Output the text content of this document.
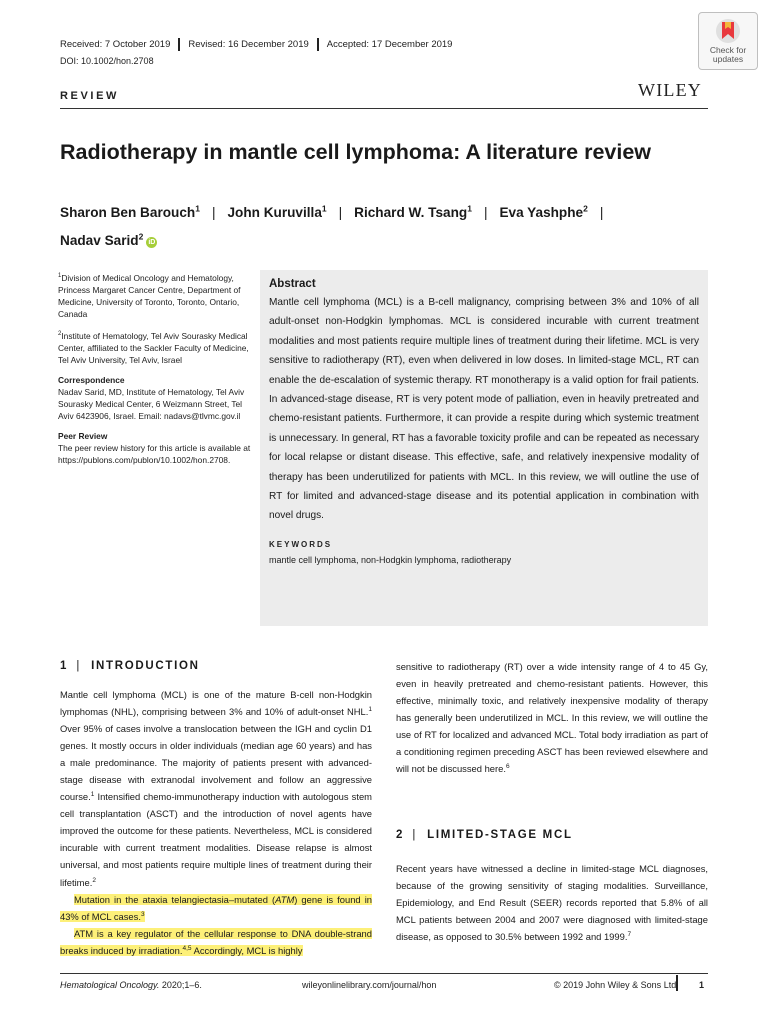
Received: 7 October 2019 Revised: 16 December 2019 Accepted: 17 December 2019
DOI: 10.1002/hon.2708
Check for updates
REVIEW	WILEY
Radiotherapy in mantle cell lymphoma: A literature review
Sharon Ben Barouch$^1$ | John Kuruvilla$^1$ | Richard W. Tsang$^1$ | Eva Yashphe$^2$ |
Nadav Sarid$^2$iD
$^1$Division of Medical Oncology and Hematology, Princess Margaret Cancer Centre, Department of Medicine, University of Toronto, Toronto, Ontario, Canada
$^2$Institute of Hematology, Tel Aviv Sourasky Medical Center, affiliated to the Sackler Faculty of Medicine, Tel Aviv University, Tel Aviv, Israel
Correspondence
Nadav Sarid, MD, Institute of Hematology, Tel Aviv Sourasky Medical Center, 6 Weizmann Street, Tel Aviv 6423906, Israel. Email: nadavs@tlvmc.gov.il
Peer Review
The peer review history for this article is available at https://publons.com/publon/10.1002/hon.2708.
Abstract
Mantle cell lymphoma (MCL) is a B-cell malignancy, comprising between 3% and 10% of all adult-onset non-Hodgkin lymphomas. MCL is considered incurable with current treatment modalities and most patients require multiple lines of treatment during their lifetime. MCL is very sensitive to radiotherapy (RT), even when delivered in low doses. In limited-stage MCL, RT can enable the de-escalation of systemic therapy. RT monotherapy is a valid option for frail patients. In advanced-stage disease, RT is very potent mode of palliation, even in heavily pretreated and chemo-resistant patients. Furthermore, it can provide a respite during which systemic treatment is unnecessary. In general, RT has a favorable toxicity profile and can be repeated as necessary for local relapse or distant disease. This effective, safe, and relatively inexpensive modality of therapy has been underutilized for patients with MCL. In this review, we will outline the use of RT for limited and advanced-stage disease and its potential application in combination with novel drugs.
KEYWORDS
mantle cell lymphoma, non-Hodgkin lymphoma, radiotherapy
1 | INTRODUCTION

Mantle cell lymphoma (MCL) is one of the mature B-cell non-Hodgkin lymphomas (NHL), comprising between 3% and 10% of adult-onset NHL.$^1$ Over 95% of cases involve a translocation between the IGH and cyclin D1 genes. It mostly occurs in older individuals (median age 60 years) and has a male predominance. The majority of patients present with advanced-stage disease with extranodal involvement and follow an aggressive course.$^1$ Intensified chemo-immunotherapy induction with autologous stem cell transplantation (ASCT) and the introduction of novel agents have improved the outcome for these patients. Nevertheless, MCL is considered incurable with current treatment modalities. Disease relapse is almost universal, and most patients require multiple lines of treatment during their lifetime.$^2$

Mutation in the ataxia telangiectasia–mutated (ATM) gene is found in 43% of MCL cases.$^3$

ATM is a key regulator of the cellular response to DNA double-strand breaks induced by irradiation.$^{4,5}$ Accordingly, MCL is highly

sensitive to radiotherapy (RT) over a wide intensity range of 4 to 45 Gy, even in heavily pretreated and chemo-resistant patients. However, this effective, minimally toxic, and relatively inexpensive modality of therapy has generally been underutilized in MCL. In this review, we will outline the use of RT for localized and advanced MCL. Total body irradiation as part of a conditioning regimen preceding ASCT has been reviewed elsewhere and will not be discussed here.$^6$

2 | LIMITED-STAGE MCL

Recent years have witnessed a decline in limited-stage MCL diagnoses, because of the growing sensitivity of staging modalities. Surveillance, Epidemiology, and End Result (SEER) records reported that 5.8% of all MCL patients between 2004 and 2007 were diagnosed with limited-stage disease, as opposed to 30.5% between 1992 and 1999.$^7$

Hematological Oncology. 2020;1–6.	wileyonlinelibrary.com/journal/hon	© 2019 John Wiley & Sons Ltd	1
